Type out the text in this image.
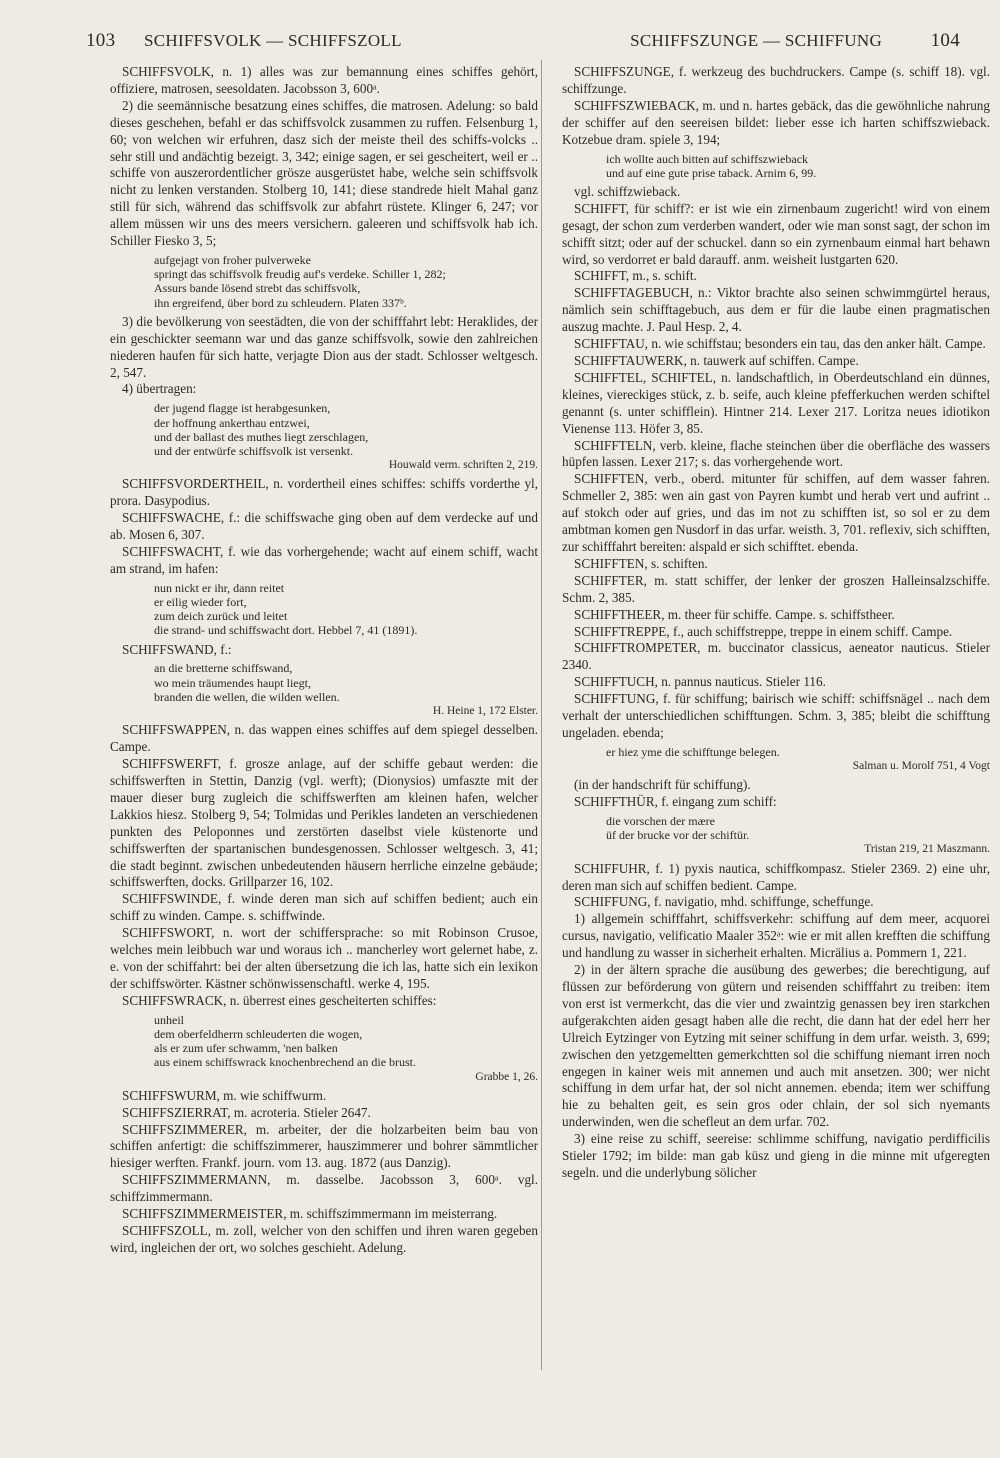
103 SCHIFFSVOLK — SCHIFFSZOLL	SCHIFFSZUNGE — SCHIFFUNG	104

SCHIFFSVOLK, n. 1) alles was zur bemannung eines schiffes gehört, offiziere, matrosen, seesoldaten. Jacobsson 3, 600ᵃ.

2) die seemännische besatzung eines schiffes, die matrosen. Adelung: so bald dieses geschehen, befahl er das schiffsvolck zusammen zu ruffen. Felsenburg 1, 60; von welchen wir erfuhren, dasz sich der meiste theil des schiffs-volcks .. sehr still und andächtig bezeigt. 3, 342; einige sagen, er sei gescheitert, weil er .. schiffe von auszerordentlicher grösze ausgerüstet habe, welche sein schiffsvolk nicht zu lenken verstanden. Stolberg 10, 141; diese standrede hielt Mahal ganz still für sich, während das schiffsvolk zur abfahrt rüstete. Klinger 6, 247; vor allem müssen wir uns des meers versichern. galeeren und schiffsvolk hab ich. Schiller Fiesko 3, 5;

aufgejagt von froher pulverweke
springt das schiffsvolk freudig auf's verdeke. Schiller 1, 282;
Assurs bande lösend strebt das schiffsvolk,
ihn ergreifend, über bord zu schleudern. Platen 337ᵇ.

3) die bevölkerung von seestädten, die von der schifffahrt lebt: Heraklides, der ein geschickter seemann war und das ganze schiffsvolk, sowie den zahlreichen niederen haufen für sich hatte, verjagte Dion aus der stadt. Schlosser weltgesch. 2, 547.

4) übertragen:

der jugend flagge ist herabgesunken,
der hoffnung ankerthau entzwei,
und der ballast des muthes liegt zerschlagen,
und der entwürfe schiffsvolk ist versenkt.
Houwald verm. schriften 2, 219.

SCHIFFSVORDERTHEIL, n. vordertheil eines schiffes: schiffs vorderthe yl, prora. Dasypodius.

SCHIFFSWACHE, f.: die schiffswache ging oben auf dem verdecke auf und ab. Mosen 6, 307.

SCHIFFSWACHT, f. wie das vorhergehende; wacht auf einem schiff, wacht am strand, im hafen:

nun nickt er ihr, dann reitet
er eilig wieder fort,
zum deich zurück und leitet
die strand- und schiffswacht dort. Hebbel 7, 41 (1891).

SCHIFFSWAND, f.:

an die bretterne schiffswand,
wo mein träumendes haupt liegt,
branden die wellen, die wilden wellen.
H. Heine 1, 172 Elster.

SCHIFFSWAPPEN, n. das wappen eines schiffes auf dem spiegel desselben. Campe.

SCHIFFSWERFT, f. grosze anlage, auf der schiffe gebaut werden: die schiffswerften in Stettin, Danzig (vgl. werft); (Dionysios) umfaszte mit der mauer dieser burg zugleich die schiffswerften am kleinen hafen, welcher Lakkios hiesz. Stolberg 9, 54; Tolmidas und Perikles landeten an verschiedenen punkten des Peloponnes und zerstörten daselbst viele küstenorte und schiffswerften der spartanischen bundesgenossen. Schlosser weltgesch. 3, 41; die stadt beginnt. zwischen unbedeutenden häusern herrliche einzelne gebäude; schiffswerften, docks. Grillparzer 16, 102.

SCHIFFSWINDE, f. winde deren man sich auf schiffen bedient; auch ein schiff zu winden. Campe. s. schiffwinde.

SCHIFFSWORT, n. wort der schiffersprache: so mit Robinson Crusoe, welches mein leibbuch war und woraus ich .. mancherley wort gelernet habe, z. e. von der schiffahrt: bei der alten übersetzung die ich las, hatte sich ein lexikon der schiffswörter. Kästner schönwissenschaftl. werke 4, 195.

SCHIFFSWRACK, n. überrest eines gescheiterten schiffes:

unheil
dem oberfeldherrn schleuderten die wogen,
als er zum ufer schwamm, 'nen balken
aus einem schiffswrack knochenbrechend an die brust.
Grabbe 1, 26.

SCHIFFSWURM, m. wie schiffwurm.

SCHIFFSZIERRAT, m. acroteria. Stieler 2647.

SCHIFFSZIMMERER, m. arbeiter, der die holzarbeiten beim bau von schiffen anfertigt: die schiffszimmerer, hauszimmerer und bohrer sämmtlicher hiesiger werften. Frankf. journ. vom 13. aug. 1872 (aus Danzig).

SCHIFFSZIMMERMANN, m. dasselbe. Jacobsson 3, 600ᵃ. vgl. schiffzimmermann.

SCHIFFSZIMMERMEISTER, m. schiffszimmermann im meisterrang.

SCHIFFSZOLL, m. zoll, welcher von den schiffen und ihren waren gegeben wird, ingleichen der ort, wo solches geschieht. Adelung.

SCHIFFSZUNGE, f. werkzeug des buchdruckers. Campe (s. schiff 18). vgl. schiffzunge.

SCHIFFSZWIEBACK, m. und n. hartes gebäck, das die gewöhnliche nahrung der schiffer auf den seereisen bildet: lieber esse ich harten schiffszwieback. Kotzebue dram. spiele 3, 194;

ich wollte auch bitten auf schiffszwieback
und auf eine gute prise taback. Arnim 6, 99.

vgl. schiffzwieback.

SCHIFFT, für schiff?: er ist wie ein zirnenbaum zugericht! wird von einem gesagt, der schon zum verderben wandert, oder wie man sonst sagt, der schon im schifft sitzt; oder auf der schuckel. dann so ein zyrnenbaum einmal hart behawn wird, so verdorret er bald darauff. anm. weisheit lustgarten 620.

SCHIFFT, m., s. schift.

SCHIFFTAGEBUCH, n.: Viktor brachte also seinen schwimmgürtel heraus, nämlich sein schifftagebuch, aus dem er für die laube einen pragmatischen auszug machte. J. Paul Hesp. 2, 4.

SCHIFFTAU, n. wie schiffstau; besonders ein tau, das den anker hält. Campe.

SCHIFFTAUWERK, n. tauwerk auf schiffen. Campe.

SCHIFFTEL, SCHIFTEL, n. landschaftlich, in Oberdeutschland ein dünnes, kleines, viereckiges stück, z. b. seife, auch kleine pfefferkuchen werden schiftel genannt (s. unter schifflein). Hintner 214. Lexer 217. Loritza neues idiotikon Vienense 113. Höfer 3, 85.

SCHIFFTELN, verb. kleine, flache steinchen über die oberfläche des wassers hüpfen lassen. Lexer 217; s. das vorhergehende wort.

SCHIFFTEN, verb., oberd. mitunter für schiffen, auf dem wasser fahren. Schmeller 2, 385: wen ain gast von Payren kumbt und herab vert und aufrint .. auf stokch oder auf gries, und das im not zu schifften ist, so sol er zu dem ambtman komen gen Nusdorf in das urfar. weisth. 3, 701. reflexiv, sich schifften, zur schifffahrt bereiten: alspald er sich schifftet. ebenda.

SCHIFFTEN, s. schiften.

SCHIFFTER, m. statt schiffer, der lenker der groszen Halleinsalzschiffe. Schm. 2, 385.

SCHIFFTHEER, m. theer für schiffe. Campe. s. schiffstheer.

SCHIFFTREPPE, f., auch schiffstreppe, treppe in einem schiff. Campe.

SCHIFFTROMPETER, m. buccinator classicus, aeneator nauticus. Stieler 2340.

SCHIFFTUCH, n. pannus nauticus. Stieler 116.

SCHIFFTUNG, f. für schiffung; bairisch wie schiff: schiffsnägel .. nach dem verhalt der unterschiedlichen schifftungen. Schm. 3, 385; bleibt die schifftung ungeladen. ebenda;

er hiez yme die schifftunge belegen.
Salman u. Morolf 751, 4 Vogt

(in der handschrift für schiffung).

SCHIFFTHÜR, f. eingang zum schiff:

die vorschen der mære
üf der brucke vor der schiftür.
Tristan 219, 21 Maszmann.

SCHIFFUHR, f. 1) pyxis nautica, schiffkompasz. Stieler 2369. 2) eine uhr, deren man sich auf schiffen bedient. Campe.

SCHIFFUNG, f. navigatio, mhd. schiffunge, scheffunge.

1) allgemein schifffahrt, schiffsverkehr: schiffung auf dem meer, acquorei cursus, navigatio, velificatio Maaler 352ᵃ: wie er mit allen krefften die schiffung und handlung zu wasser in sicherheit erhalten. Micrälius a. Pommern 1, 221.

2) in der ältern sprache die ausübung des gewerbes; die berechtigung, auf flüssen zur beförderung von gütern und reisenden schifffahrt zu treiben: item von erst ist vermerkcht, das die vier und zwaintzig genassen bey iren starkchen aufgerakchten aiden gesagt haben alle die recht, die dann hat der edel herr her Ulreich Eytzinger von Eytzing mit seiner schiffung in dem urfar. weisth. 3, 699; zwischen den yetzgemeltten gemerkchtten sol die schiffung niemant irren noch engegen in kainer weis mit annemen und auch mit ansetzen. 300; wer nicht schiffung in dem urfar hat, der sol nicht annemen. ebenda; item wer schiffung hie zu behalten geit, es sein gros oder chlain, der sol sich nyemants underwinden, wen die schefleut an dem urfar. 702.

3) eine reise zu schiff, seereise: schlimme schiffung, navigatio perdifficilis Stieler 1792; im bilde: man gab küsz und gieng in die minne mit ufgeregten segeln. und die underlybung sölicher
